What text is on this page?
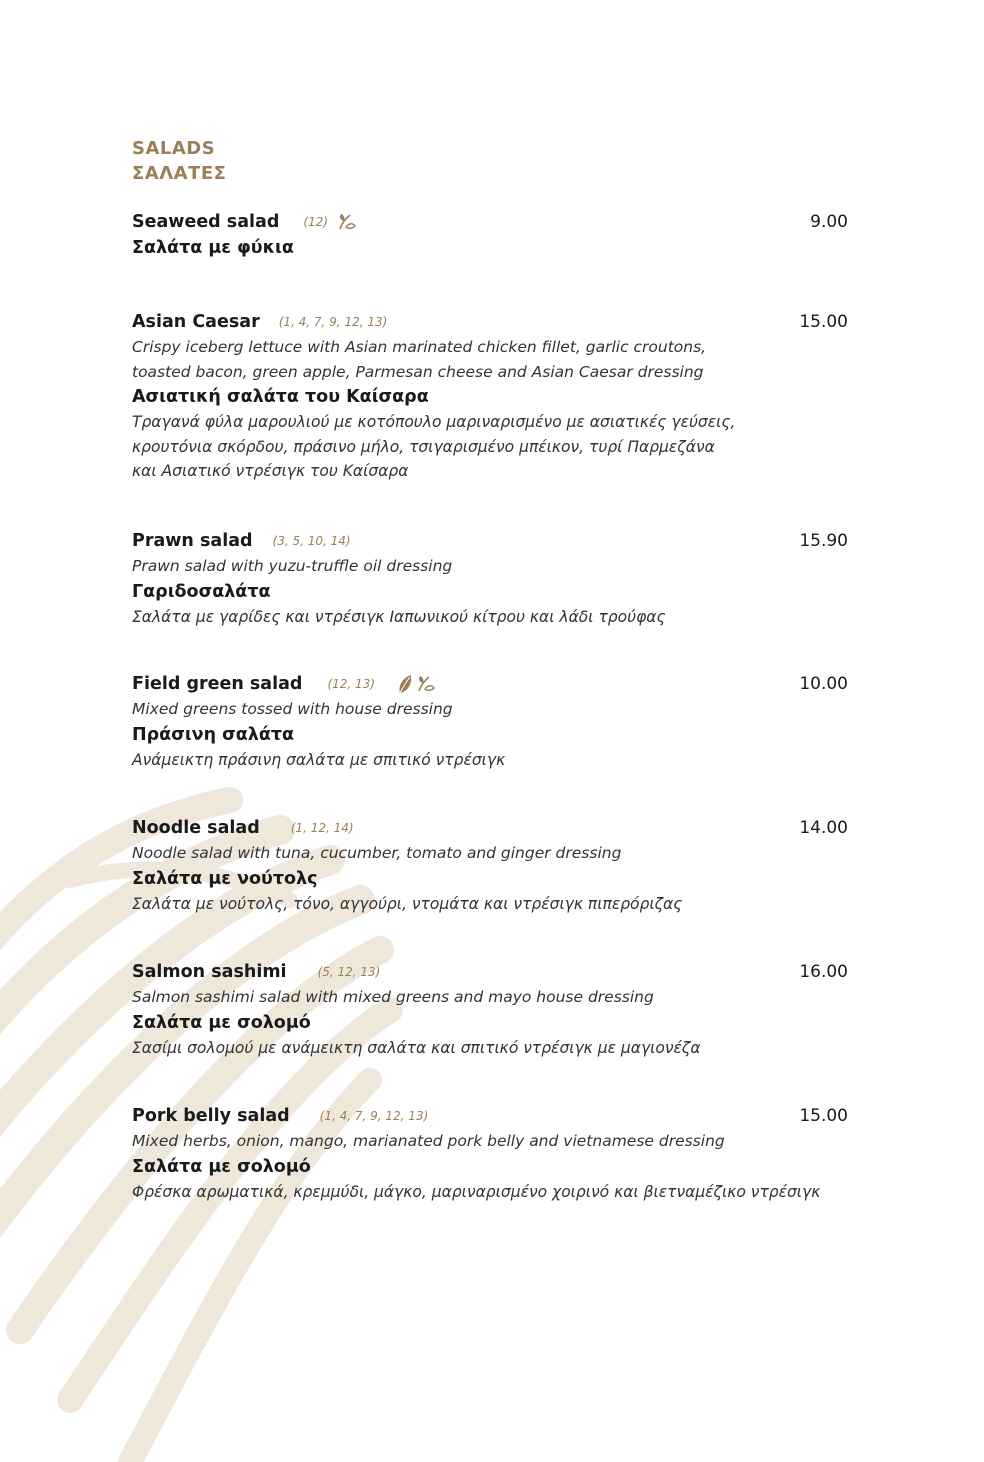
SALADS
ΣΑΛΑΤΕΣ
Seaweed salad (12)	9.00
Σαλάτα με φύκια
Asian Caesar (1, 4, 7, 9, 12, 13)	15.00
Crispy iceberg lettuce with Asian marinated chicken fillet, garlic croutons,
toasted bacon, green apple, Parmesan cheese and Asian Caesar dressing
Ασιατική σαλάτα του Καίσαρα
Τραγανά φύλα μαρουλιού με κοτόπουλο μαριναρισμένο με ασιατικές γεύσεις,
κρουτόνια σκόρδου, πράσινο μήλο, τσιγαρισμένο μπέικον, τυρί Παρμεζάνα
και Ασιατικό ντρέσιγκ του Καίσαρα
Prawn salad (3, 5, 10, 14)	15.90
Prawn salad with yuzu-truffle oil dressing
Γαριδοσαλάτα
Σαλάτα με γαρίδες και ντρέσιγκ Ιαπωνικού κίτρου και λάδι τρούφας
Field green salad (12, 13)	10.00
Mixed greens tossed with house dressing
Πράσινη σαλάτα
Ανάμεικτη πράσινη σαλάτα με σπιτικό ντρέσιγκ
Noodle salad	(1, 12, 14)	14.00
Noodle salad with tuna, cucumber, tomato and ginger dressing
Σαλάτα με νούτολς
Σαλάτα με νούτολς, τόνο, αγγούρι, ντομάτα και ντρέσιγκ πιπερόριζας
Salmon sashimi	(5, 12, 13)	16.00
Salmon sashimi salad with mixed greens and mayo house dressing
Σαλάτα με σολομό
Σασίμι σολομού με ανάμεικτη σαλάτα και σπιτικό ντρέσιγκ με μαγιονέζα
Pork belly salad	(1, 4, 7, 9, 12, 13)	15.00
Mixed herbs, onion, mango, marianated pork belly and vietnamese dressing
Σαλάτα με σολομό
Φρέσκα αρωματικά, κρεμμύδι, μάγκο, μαριναρισμένο χοιρινό και βιετναμέζικο ντρέσιγκ
